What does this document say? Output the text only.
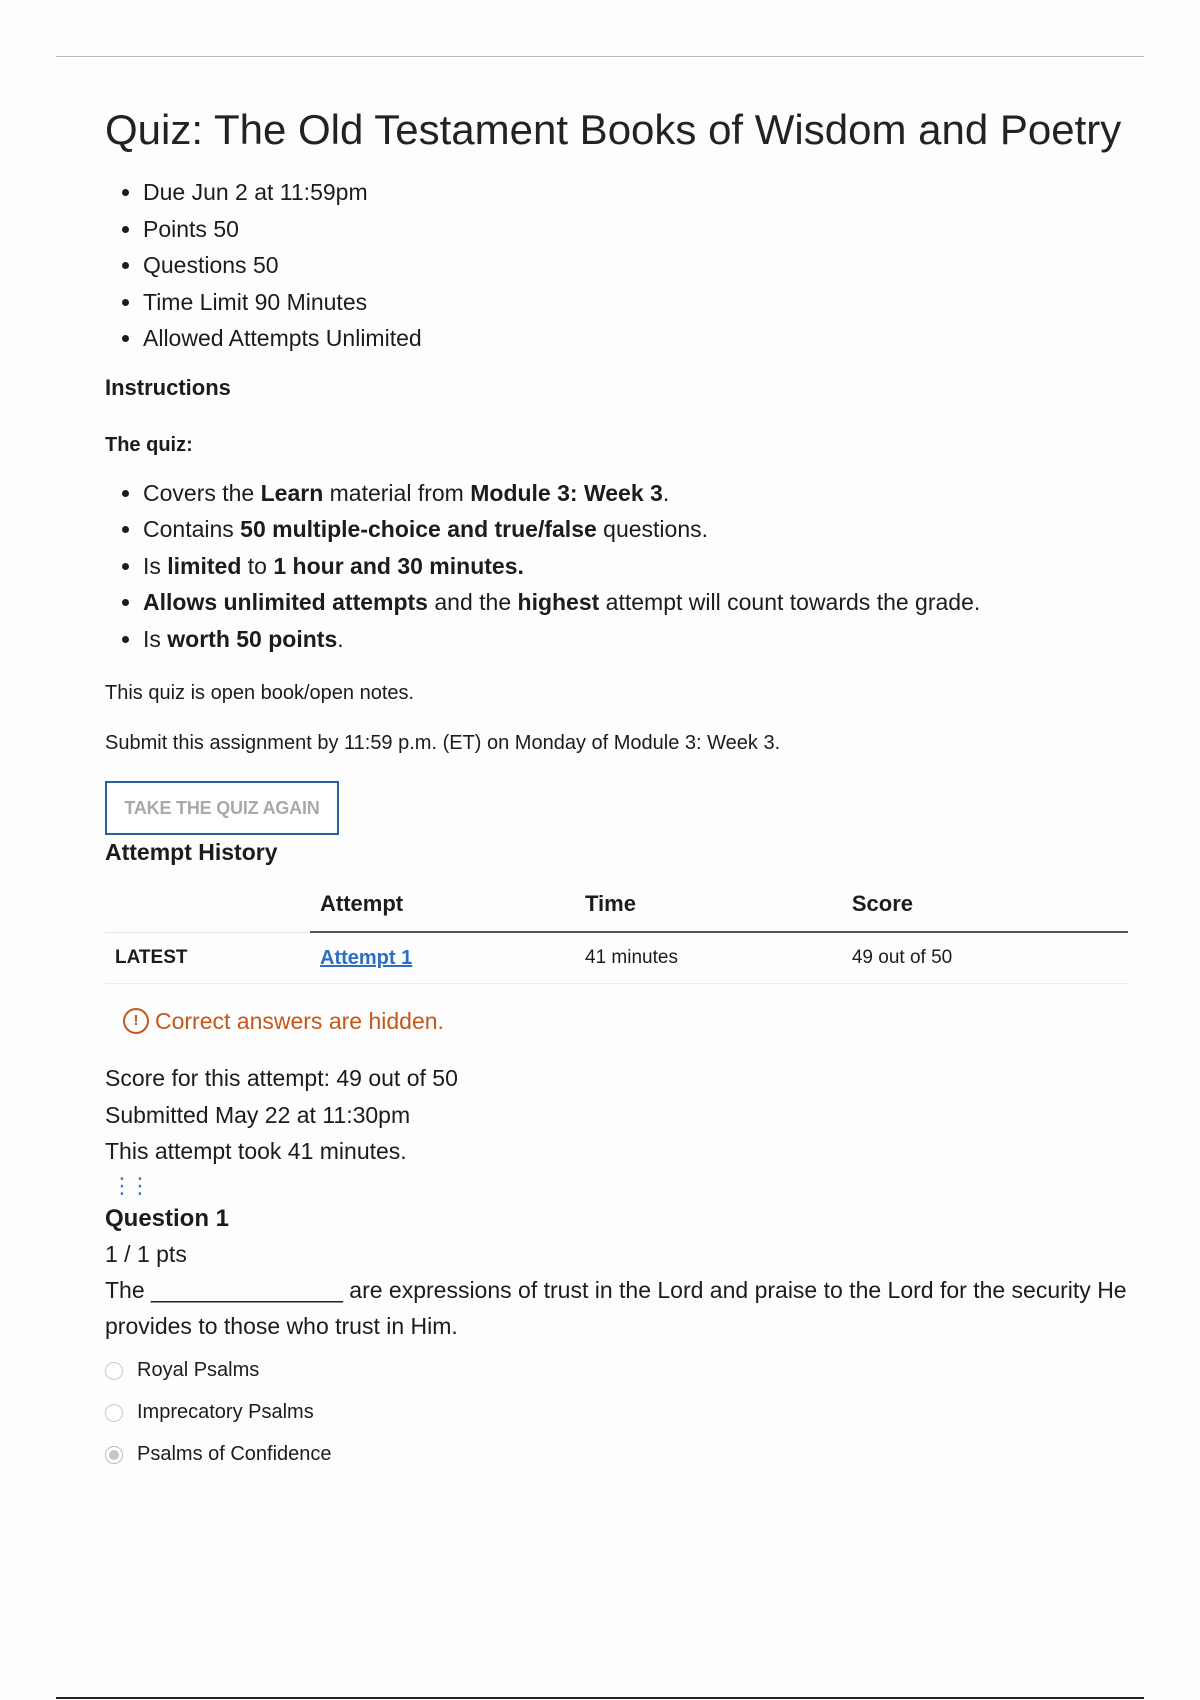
Quiz: The Old Testament Books of Wisdom and Poetry
• Due Jun 2 at 11:59pm
• Points 50
• Questions 50
• Time Limit 90 Minutes
• Allowed Attempts Unlimited
Instructions
The quiz:
• Covers the Learn material from Module 3: Week 3.
• Contains 50 multiple-choice and true/false questions.
• Is limited to 1 hour and 30 minutes.
• Allows unlimited attempts and the highest attempt will count towards the grade.
• Is worth 50 points.

This quiz is open book/open notes.

Submit this assignment by 11:59 p.m. (ET) on Monday of Module 3: Week 3.

TAKE THE QUIZ AGAIN
Attempt History
	Attempt	Time	Score
LATEST	Attempt 1	41 minutes	49 out of 50
! Correct answers are hidden.
Score for this attempt: 49 out of 50
Submitted May 22 at 11:30pm
This attempt took 41 minutes.
⋮⋮
Question 1
1 / 1 pts
The _______________ are expressions of trust in the Lord and praise to the Lord for the security He provides to those who trust in Him.
Royal Psalms
Imprecatory Psalms
Psalms of Confidence
